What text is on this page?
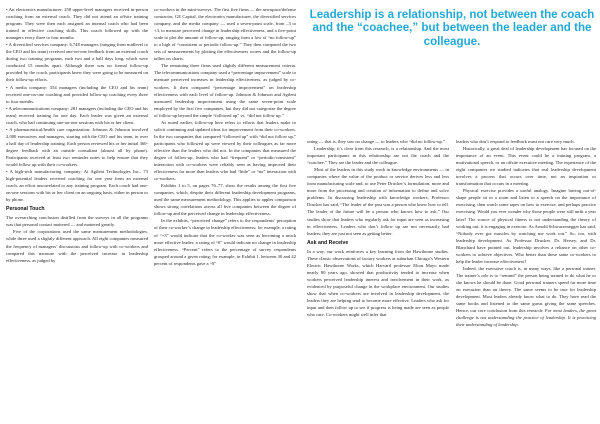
• An electronics manufacturer: 258 upper-level managers received in-person coaching from an external coach. They did not attend an offsite training program. They were then each assigned an internal coach who had been trained in effective coaching skills. This coach followed up with the managers every three to four months.

• A diversified services company: 6,748 managers (ranging from midlevel to the CEO and his team) received one-on-one feedback from an external coach during two training programs, each two and a half days long, which were conducted 15 months apart. Although there was no formal follow-up provided by the coach, participants knew they were going to be measured on their follow-up efforts.

• A media company: 354 managers (including the CEO and his team) received one-on-one coaching and provided follow-up coaching every three to four months.

• A telecommunications company: 281 managers (including the CEO and his team) received training for one day. Each leader was given an external coach, who had continuing one-on-one sessions with his or her client.

• A pharmaceutical/health care organization: Johnson & Johnson involved 2,000 executives and managers, starting with the CEO and his team, in over a half day of leadership training. Each person reviewed his or her initial 360-degree feedback with an outside consultant (almost all by phone). Participants received at least two reminder notes to help ensure that they would follow up with their co-workers.

• A high-tech manufacturing company: At Agilent Technologies Inc., 73 high-potential leaders received coaching for one year from an external coach, an effort uncorrelated to any training program. Each coach had one-on-one sessions with his or her client on an ongoing basis, either in person or by phone.

Personal Touch

The overarching conclusion distilled from the surveys in all the programs was that personal contact mattered — and mattered greatly.

Five of the corporations used the same measurement methodologies, while three used a slightly different approach. All eight companies measured the frequency of managers’ discussions and follow-up with co-workers and compared this measure with the perceived increase in leadership effectiveness, as judged by

co-workers in the mini-surveys. The first five firms — the aerospace/defense contractor, GE Capital, the electronics manufacturer, the diversified services company, and the media company — used a seven-point scale, from –3 to +3, to measure perceived change in leadership effectiveness, and a five-point scale to plot the amount of follow-up, ranging from a low of “no follow-up” to a high of “consistent or periodic follow-up.” They then compared the two sets of measurements by plotting the effectiveness scores and the follow-up tallies on charts.

The remaining three firms used slightly different measurement criteria. The telecommunications company used a “percentage improvement” scale to measure perceived increases in leadership effectiveness, as judged by co-workers. It then compared “percentage improvement” on leadership effectiveness with each level of follow-up. Johnson & Johnson and Agilent measured leadership improvement using the same seven-point scale employed by the first five companies, but they did not categorize the degree of follow-up beyond the simple “followed up” vs. “did not follow up.”

As noted earlier, follow-up here refers to efforts that leaders make to solicit continuing and updated ideas for improvement from their co-workers. In the two companies that compared “followed up” with “did not follow up,” participants who followed up were viewed by their colleagues as far more effective than the leaders who did not. In the companies that measured the degree of follow-up, leaders who had “frequent” or “periodic/consistent” interaction with co-workers were reliably seen as having improved their effectiveness far more than leaders who had “little” or “no” interaction with co-workers.

Exhibits 1 to 5, on pages 76–77, show the results among the first five companies, which, despite their different leadership development programs, used the same measurement methodology. This applies to apples comparison shows strong correlations across all five companies between the degree of follow-up and the perceived change in leadership effectiveness.

In the exhibits, “perceived change” refers to the respondents’ perception of their co-worker’s change in leadership effectiveness; for example, a rating of “+3” would indicate that the co-worker was seen as becoming a much more effective leader; a rating of “0” would indicate no change in leadership effectiveness. “Percent” refers to the percentage of survey respondents grouped around a given rating; for example, in Exhibit 1, between 30 and 42 percent of respondents gave a “0”

Leadership is a relationship, not between the coach and the “coachee,” but between the leader and the colleague.

rating — that is, they saw no change — to leaders who “did no follow-up.”

Leadership, it’s clear from this research, is a relationship. And the most important participants in this relationship are not the coach and the “coachee.” They are the leader and the colleague.

Most of the leaders in this study work in knowledge environments — in companies where the value of the product or service derives less and less from manufacturing scale and, to use Peter Drucker’s formulation, more and more from the processing and creation of information to define and solve problems. In discussing leadership with knowledge workers, Professor Drucker has said, “The leader of the past was a person who knew how to tell. The leader of the future will be a person who knows how to ask.” Our studies show that leaders who regularly ask for input are seen as increasing in effectiveness. Leaders who don’t follow up are not necessarily bad leaders; they are just not seen as getting better.

Ask and Receive

In a way, our work reinforces a key learning from the Hawthorne studies. These classic observations of factory workers at suburban Chicago’s Western Electric Hawthorne Works, which Harvard professor Elton Mayo made nearly 80 years ago, showed that productivity tended to increase when workers perceived leadership interest and involvement in their work, as evidenced by purposeful change in the workplace environment. Our studies show that when co-workers are involved in leadership development, the leaders they are helping tend to become more effective. Leaders who ask for input and then follow up to see if progress is being made are seen as people who care. Co-workers might well infer that

leaders who don’t respond to feedback must not care very much.

Historically, a great deal of leadership development has focused on the importance of an event. This event could be a training program, a motivational speech, or an offsite executive meeting. The experience of the eight companies we studied indicates that real leadership development involves a process that occurs over time, not an inspiration or transformation that occurs in a meeting.

Physical exercise provides a useful analogy. Imagine having out-of-shape people sit in a room and listen to a speech on the importance of exercising, then watch some tapes on how to exercise, and perhaps practice exercising. Would you ever wonder why those people were still unfit a year later? The source of physical fitness is not understanding the theory of working out; it is engaging in exercise. As Arnold Schwarzenegger has said, “Nobody ever got muscles by watching me work out.” So, too, with leadership development. As Professor Drucker, Dr. Hersey, and Dr. Blanchard have pointed out, leadership involves a reliance on other co-workers to achieve objectives. Who better than these same co-workers to help the leader increase effectiveness?

Indeed, the executive coach is, in many ways, like a personal trainer. The trainer’s role is to “remind” the person being trained to do what he or she knows he should be done. Good personal trainers spend far more time on execution than on theory. The same seems to be true for leadership development. Most leaders already know what to do. They have read the same books and listened to the same gurus giving the same speeches. Hence, our core conclusion from this research: For most leaders, the great challenge is not understanding the practice of leadership. It is practicing their understanding of leadership.
